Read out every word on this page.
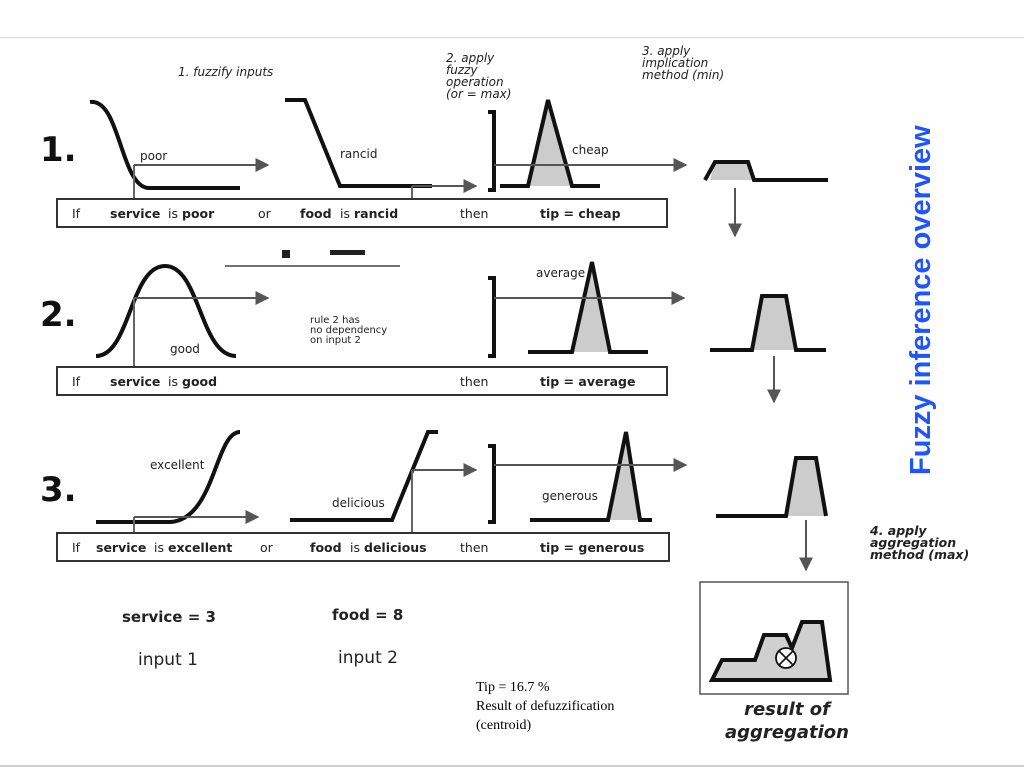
1. fuzzify inputs
2. apply
fuzzy
operation
(or = max)
3. apply
implication
method (min)
4. apply
aggregation
method (max)
1.
2.
3.
poor	rancid	cheap
good
average
rule 2 has
no dependency
on input 2
excellent
delicious	generous
If service is poor	or food is rancid	then	tip = cheap
If service is good	then	tip = average
If service is excellent or	food is delicious	then	tip = generous
Fuzzy inference overview
service = 3
input 1
food = 8
input 2
Tip = 16.7 %
Result of defuzzification
(centroid)
result of
aggregation
